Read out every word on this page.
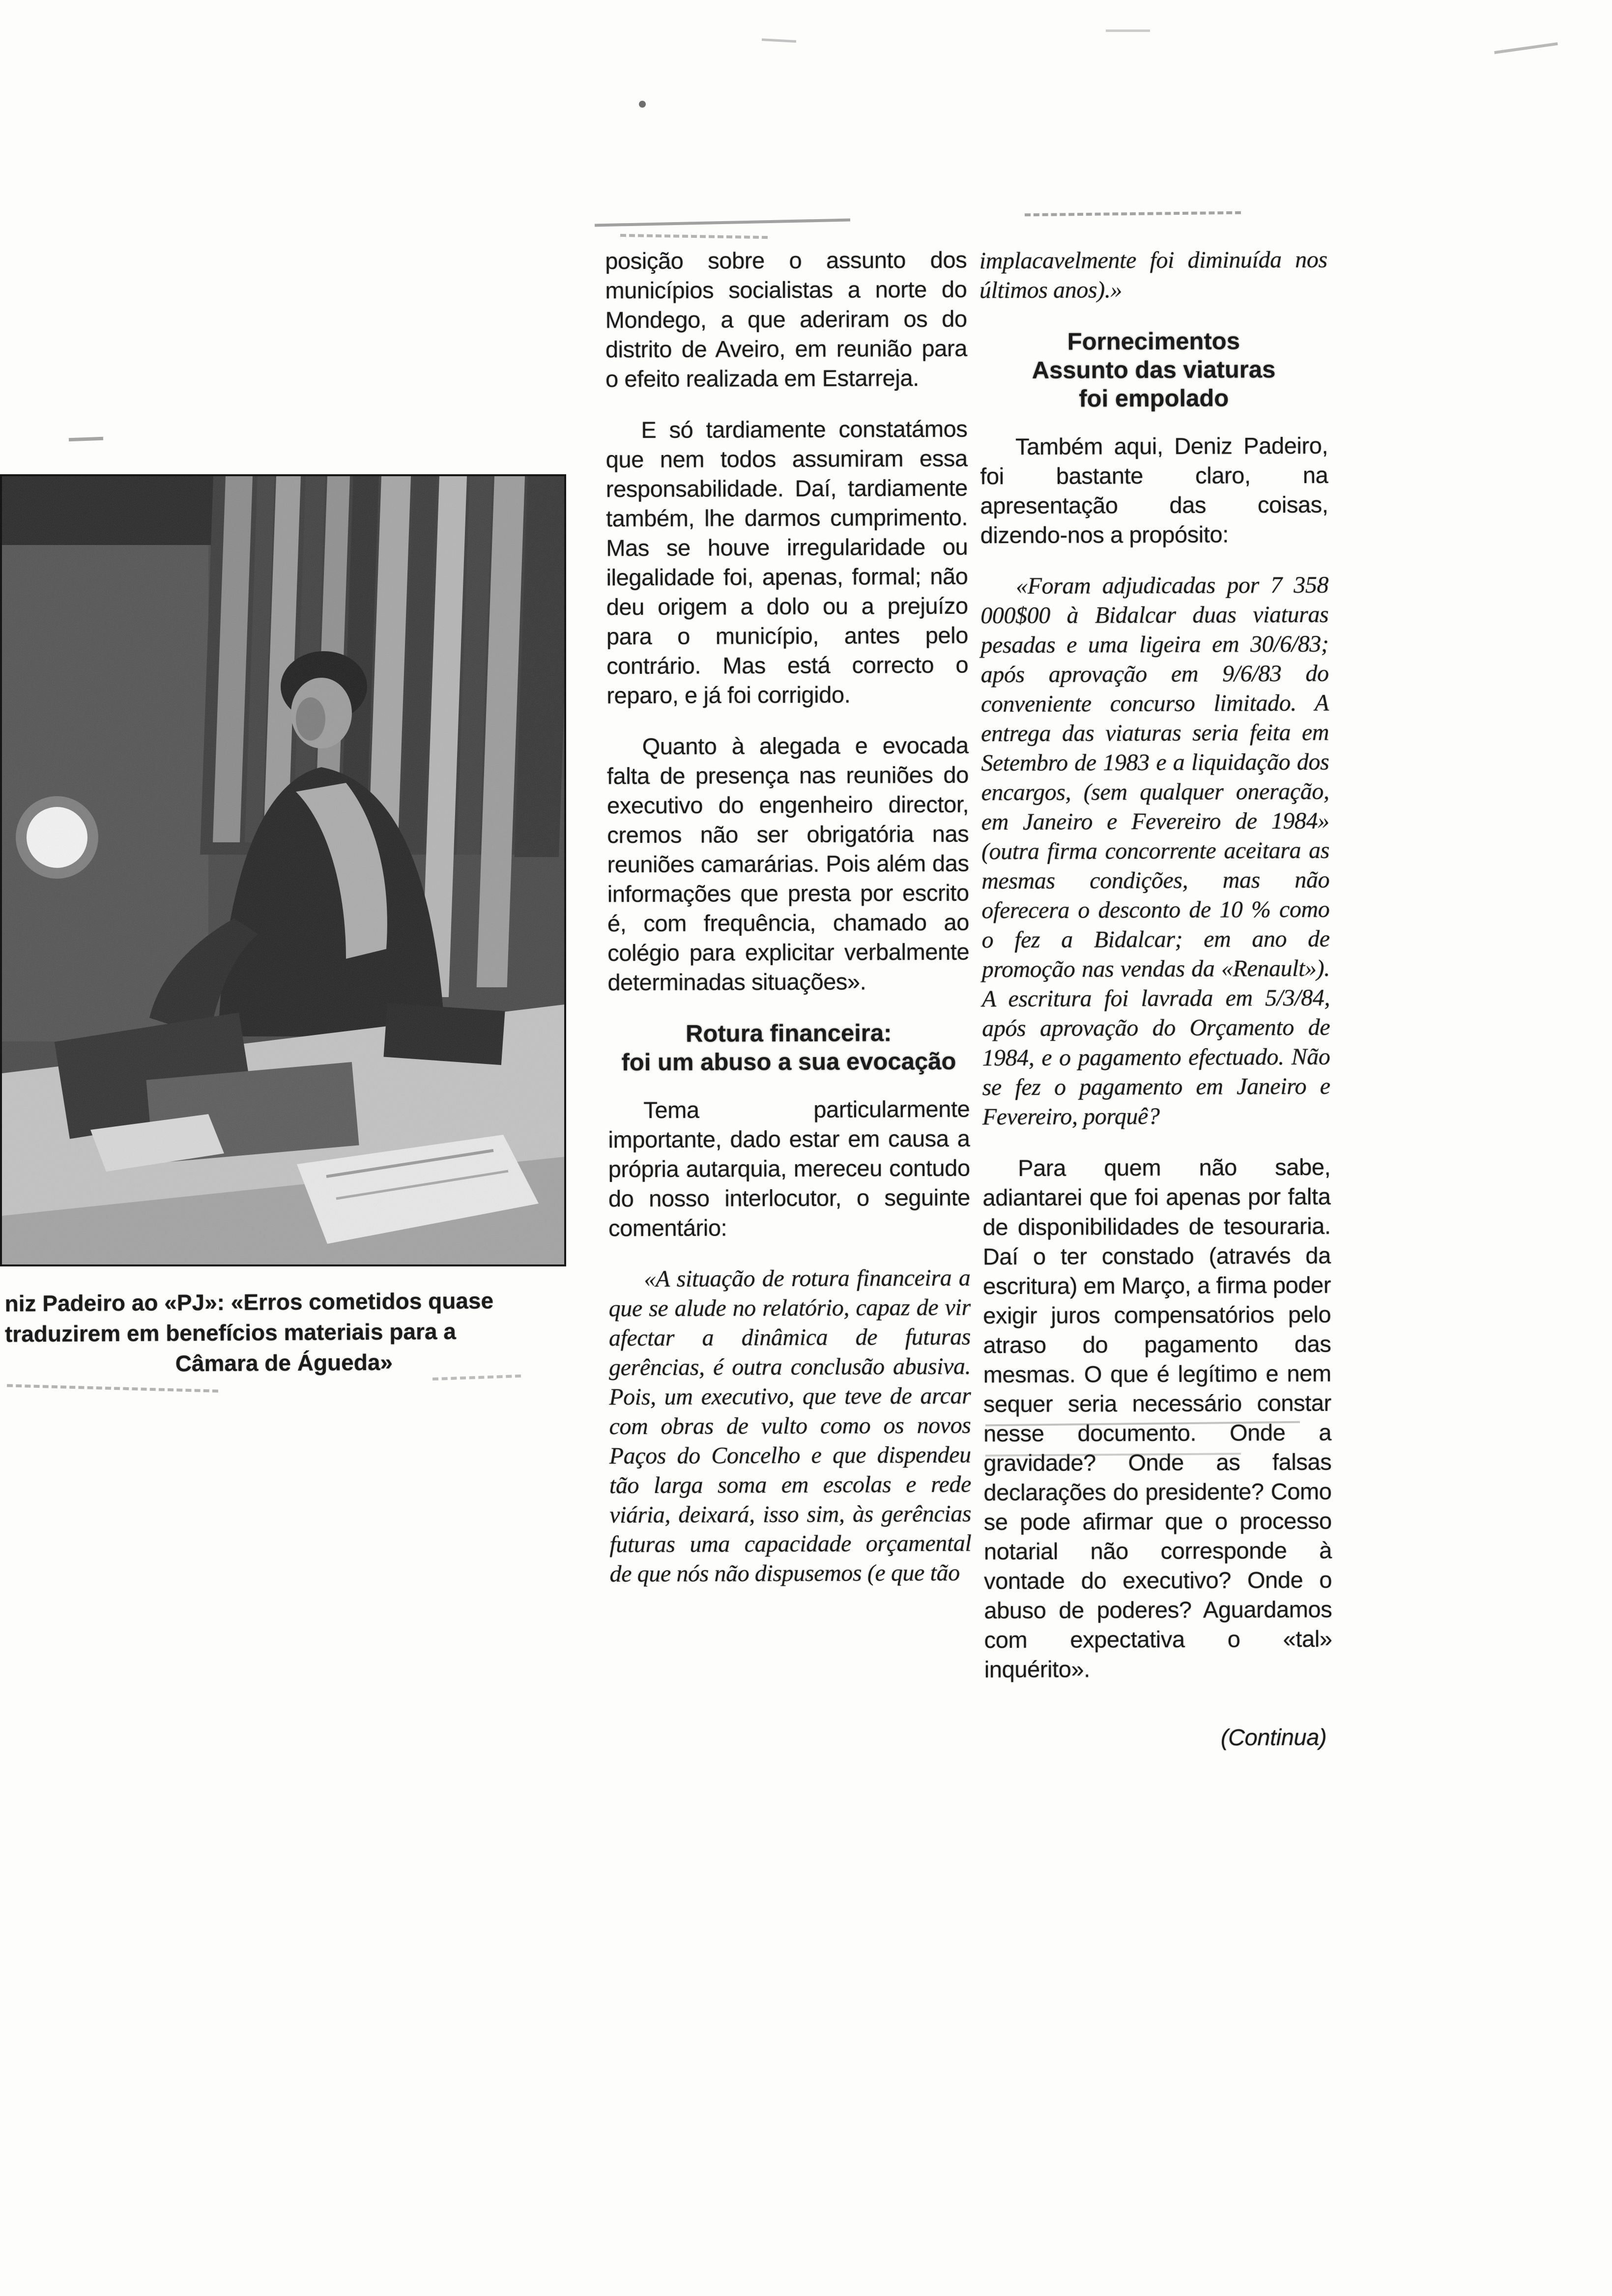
niz Padeiro ao «PJ»: «Erros cometidos quase
traduzirem em benefícios materiais para a
Câmara de Águeda»

posição sobre o assunto dos municípios socialistas a norte do Mondego, a que aderiram os do distrito de Aveiro, em reunião para o efeito realizada em Estarreja.

E só tardiamente constatámos que nem todos assumiram essa responsabilidade. Daí, tardiamente também, lhe darmos cumprimento. Mas se houve irregularidade ou ilegalidade foi, apenas, formal; não deu origem a dolo ou a prejuízo para o município, antes pelo contrário. Mas está correcto o reparo, e já foi corrigido.

Quanto à alegada e evocada falta de presença nas reuniões do executivo do engenheiro director, cremos não ser obrigatória nas reuniões camarárias. Pois além das informações que presta por escrito é, com frequência, chamado ao colégio para explicitar verbalmente determinadas situações».

Rotura financeira:
foi um abuso a sua evocação

Tema particularmente importante, dado estar em causa a própria autarquia, mereceu contudo do nosso interlocutor, o seguinte comentário:

«A situação de rotura financeira a que se alude no relatório, capaz de vir afectar a dinâmica de futuras gerências, é outra conclusão abusiva. Pois, um executivo, que teve de arcar com obras de vulto como os novos Paços do Concelho e que dispendeu tão larga soma em escolas e rede viária, deixará, isso sim, às gerências futuras uma capacidade orçamental de que nós não dispusemos (e que tão

implacavelmente foi diminuída nos últimos anos).»

Fornecimentos
Assunto das viaturas
foi empolado

Também aqui, Deniz Padeiro, foi bastante claro, na apresentação das coisas, dizendo-nos a propósito:

«Foram adjudicadas por 7 358 000$00 à Bidalcar duas viaturas pesadas e uma ligeira em 30/6/83; após aprovação em 9/6/83 do conveniente concurso limitado. A entrega das viaturas seria feita em Setembro de 1983 e a liquidação dos encargos, (sem qualquer oneração, em Janeiro e Fevereiro de 1984» (outra firma concorrente aceitara as mesmas condições, mas não oferecera o desconto de 10 % como o fez a Bidalcar; em ano de promoção nas vendas da «Renault»). A escritura foi lavrada em 5/3/84, após aprovação do Orçamento de 1984, e o pagamento efectuado. Não se fez o pagamento em Janeiro e Fevereiro, porquê?

Para quem não sabe, adiantarei que foi apenas por falta de disponibilidades de tesouraria. Daí o ter constado (através da escritura) em Março, a firma poder exigir juros compensatórios pelo atraso do pagamento das mesmas. O que é legítimo e nem sequer seria necessário constar nesse documento. Onde a gravidade? Onde as falsas declarações do presidente? Como se pode afirmar que o processo notarial não corresponde à vontade do executivo? Onde o abuso de poderes? Aguardamos com expectativa o «tal» inquérito».

(Continua)
